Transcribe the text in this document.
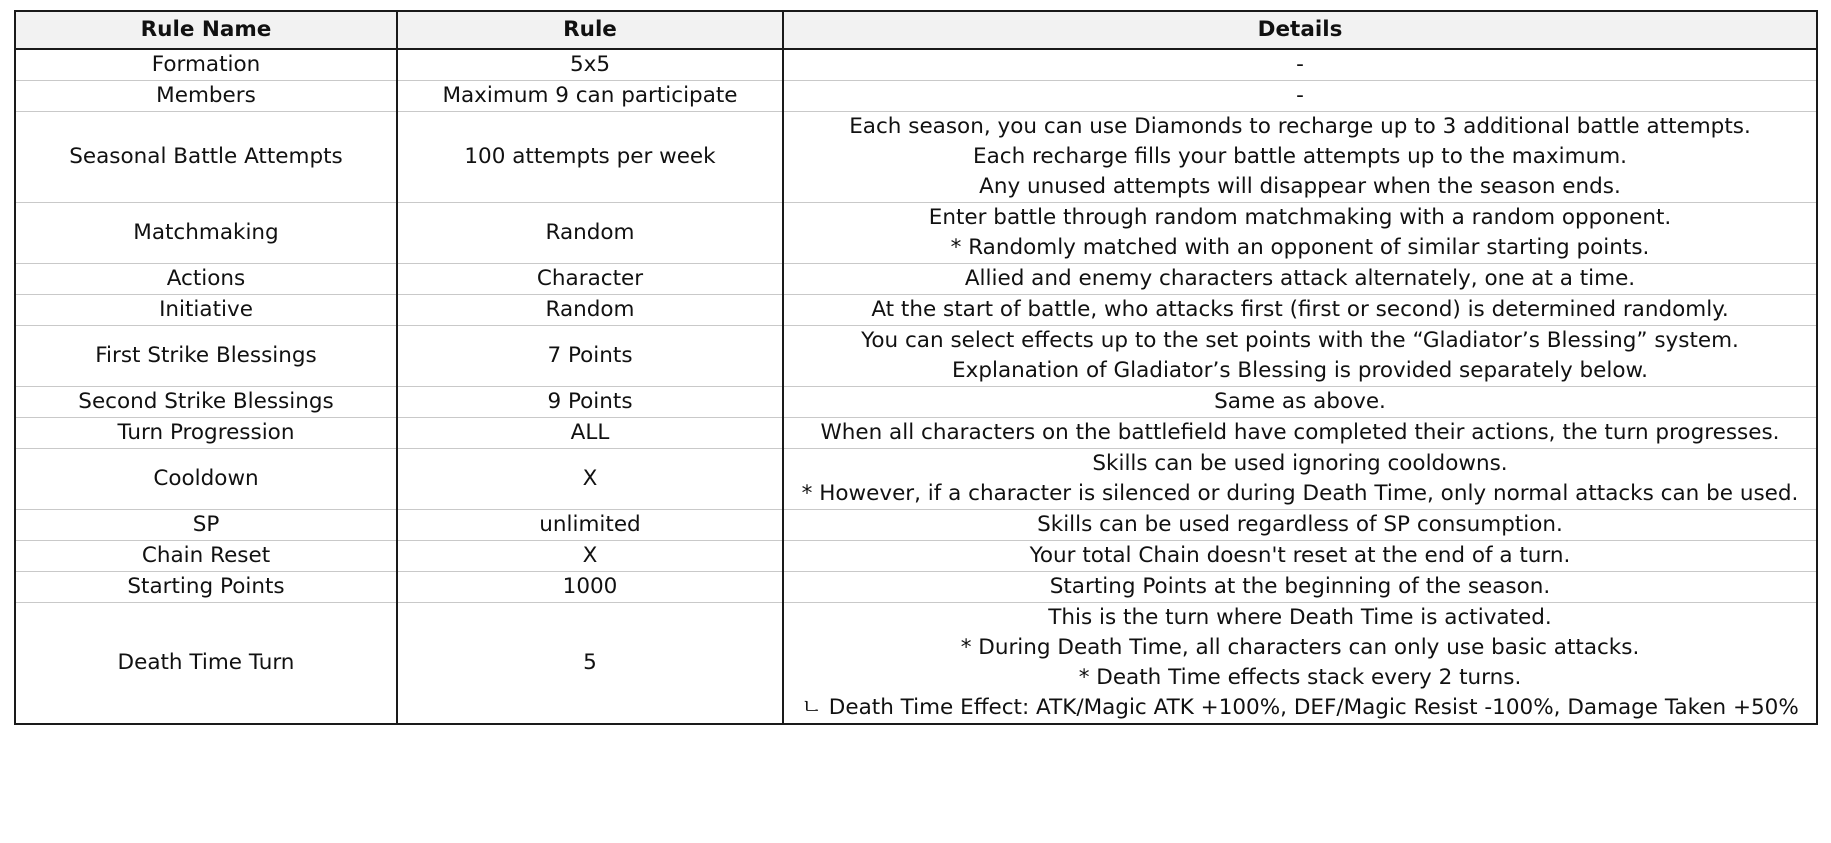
Rule Name	Rule	Details
Formation	5x5	-

Members	Maximum 9 can participate	-

Seasonal Battle Attempts	100 attempts per week	Each season, you can use Diamonds to recharge up to 3 additional battle attempts.
Each recharge fills your battle attempts up to the maximum.
Any unused attempts will disappear when the season ends.

Matchmaking	Random	Enter battle through random matchmaking with a random opponent.
* Randomly matched with an opponent of similar starting points.

Actions	Character	Allied and enemy characters attack alternately, one at a time.

Initiative	Random	At the start of battle, who attacks first (first or second) is determined randomly.

First Strike Blessings	7 Points	You can select effects up to the set points with the “Gladiator’s Blessing” system.
Explanation of Gladiator’s Blessing is provided separately below.

Second Strike Blessings	9 Points	Same as above.

Turn Progression	ALL	When all characters on the battlefield have completed their actions, the turn progresses.

Cooldown	X	Skills can be used ignoring cooldowns.
* However, if a character is silenced or during Death Time, only normal attacks can be used.

SP	unlimited	Skills can be used regardless of SP consumption.

Chain Reset	X	Your total Chain doesn't reset at the end of a turn.

Starting Points	1000	Starting Points at the beginning of the season.

Death Time Turn	5	This is the turn where Death Time is activated.
* During Death Time, all characters can only use basic attacks.
* Death Time effects stack every 2 turns.
ㄴ Death Time Effect: ATK/Magic ATK +100%, DEF/Magic Resist -100%, Damage Taken +50%
